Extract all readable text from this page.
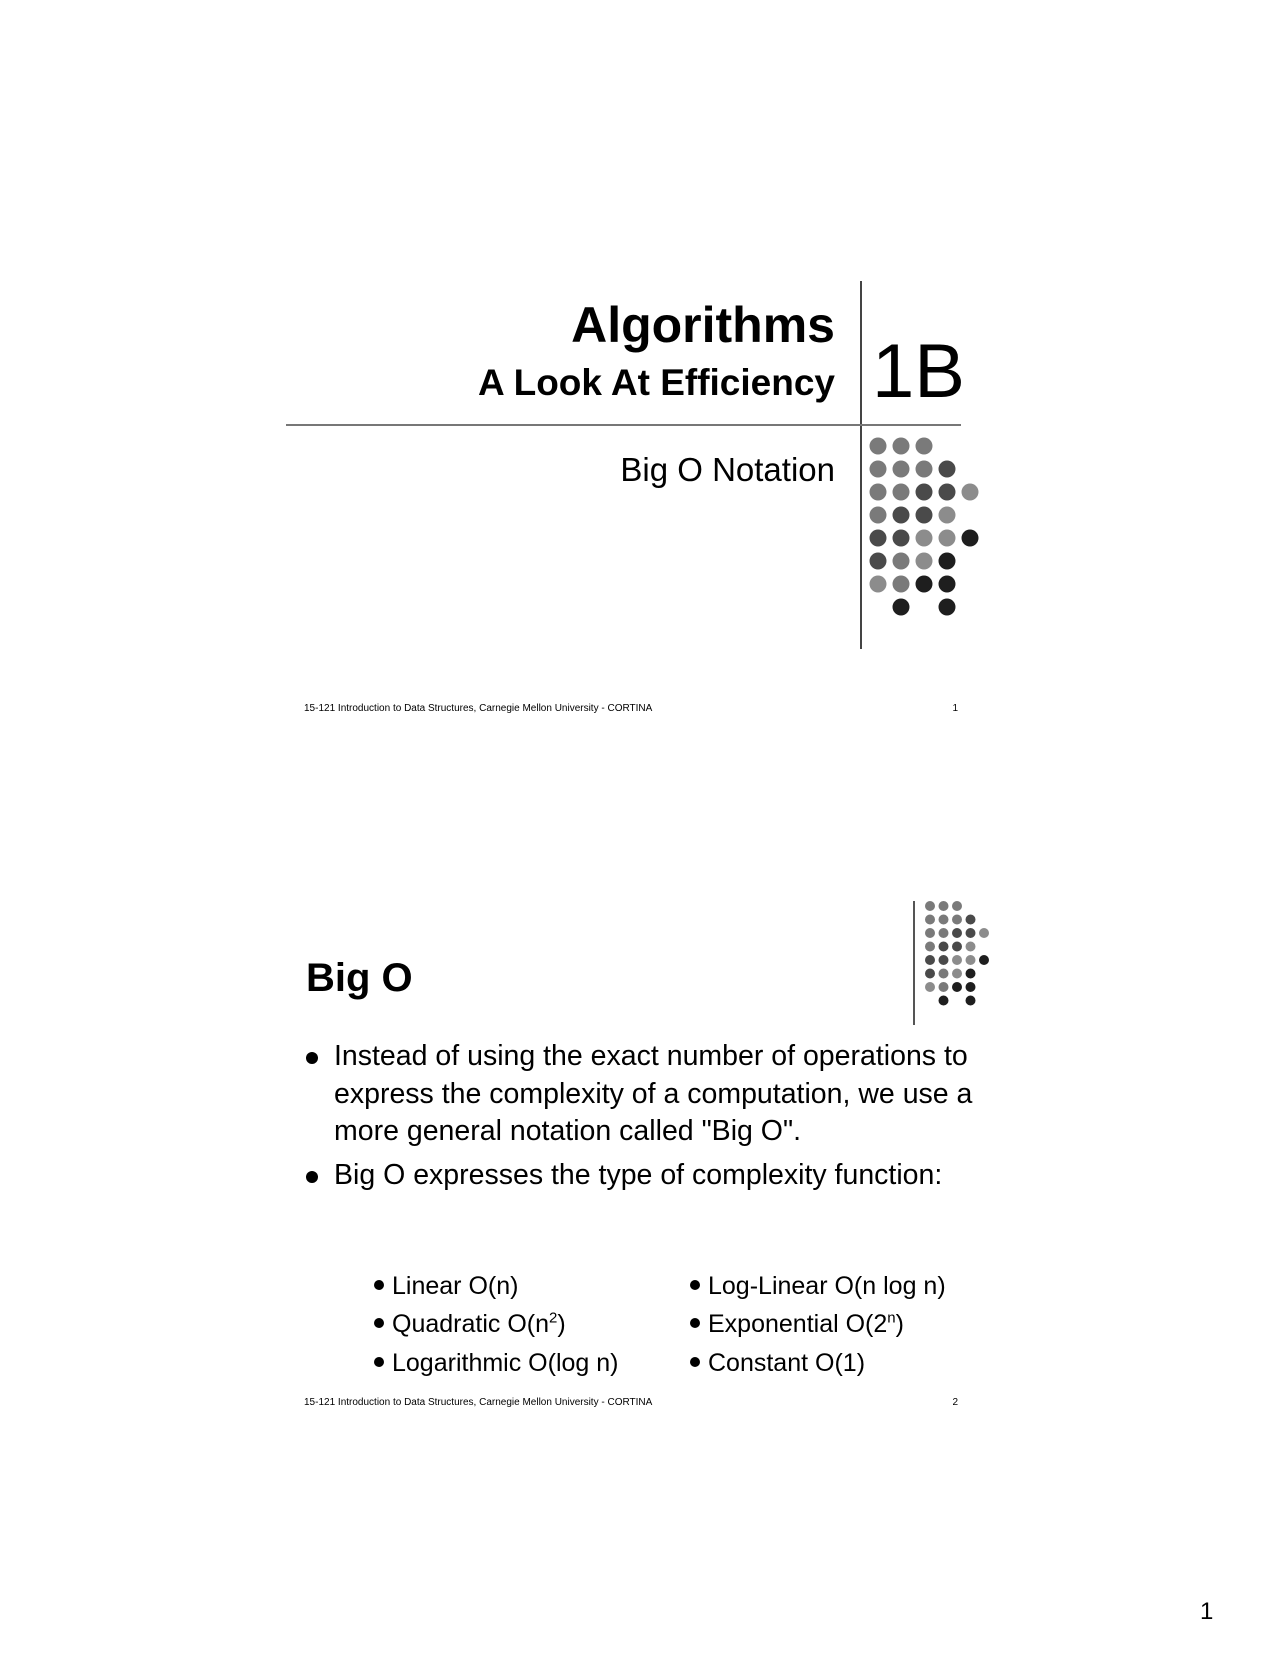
Algorithms
A Look At Efficiency 1B
Big O Notation
15-121 Introduction to Data Structures, Carnegie Mellon University - CORTINA	1
Big O
Instead of using the exact number of operations to express the complexity of a computation, we use a more general notation called "Big O".
Big O expresses the type of complexity function:
Linear O(n)
Quadratic $O(n^2)$
Logarithmic O(log n)
Log-Linear O(n log n)
Exponential O(2$^n$)
Constant O(1)
15-121 Introduction to Data Structures, Carnegie Mellon University - CORTINA	2
1
